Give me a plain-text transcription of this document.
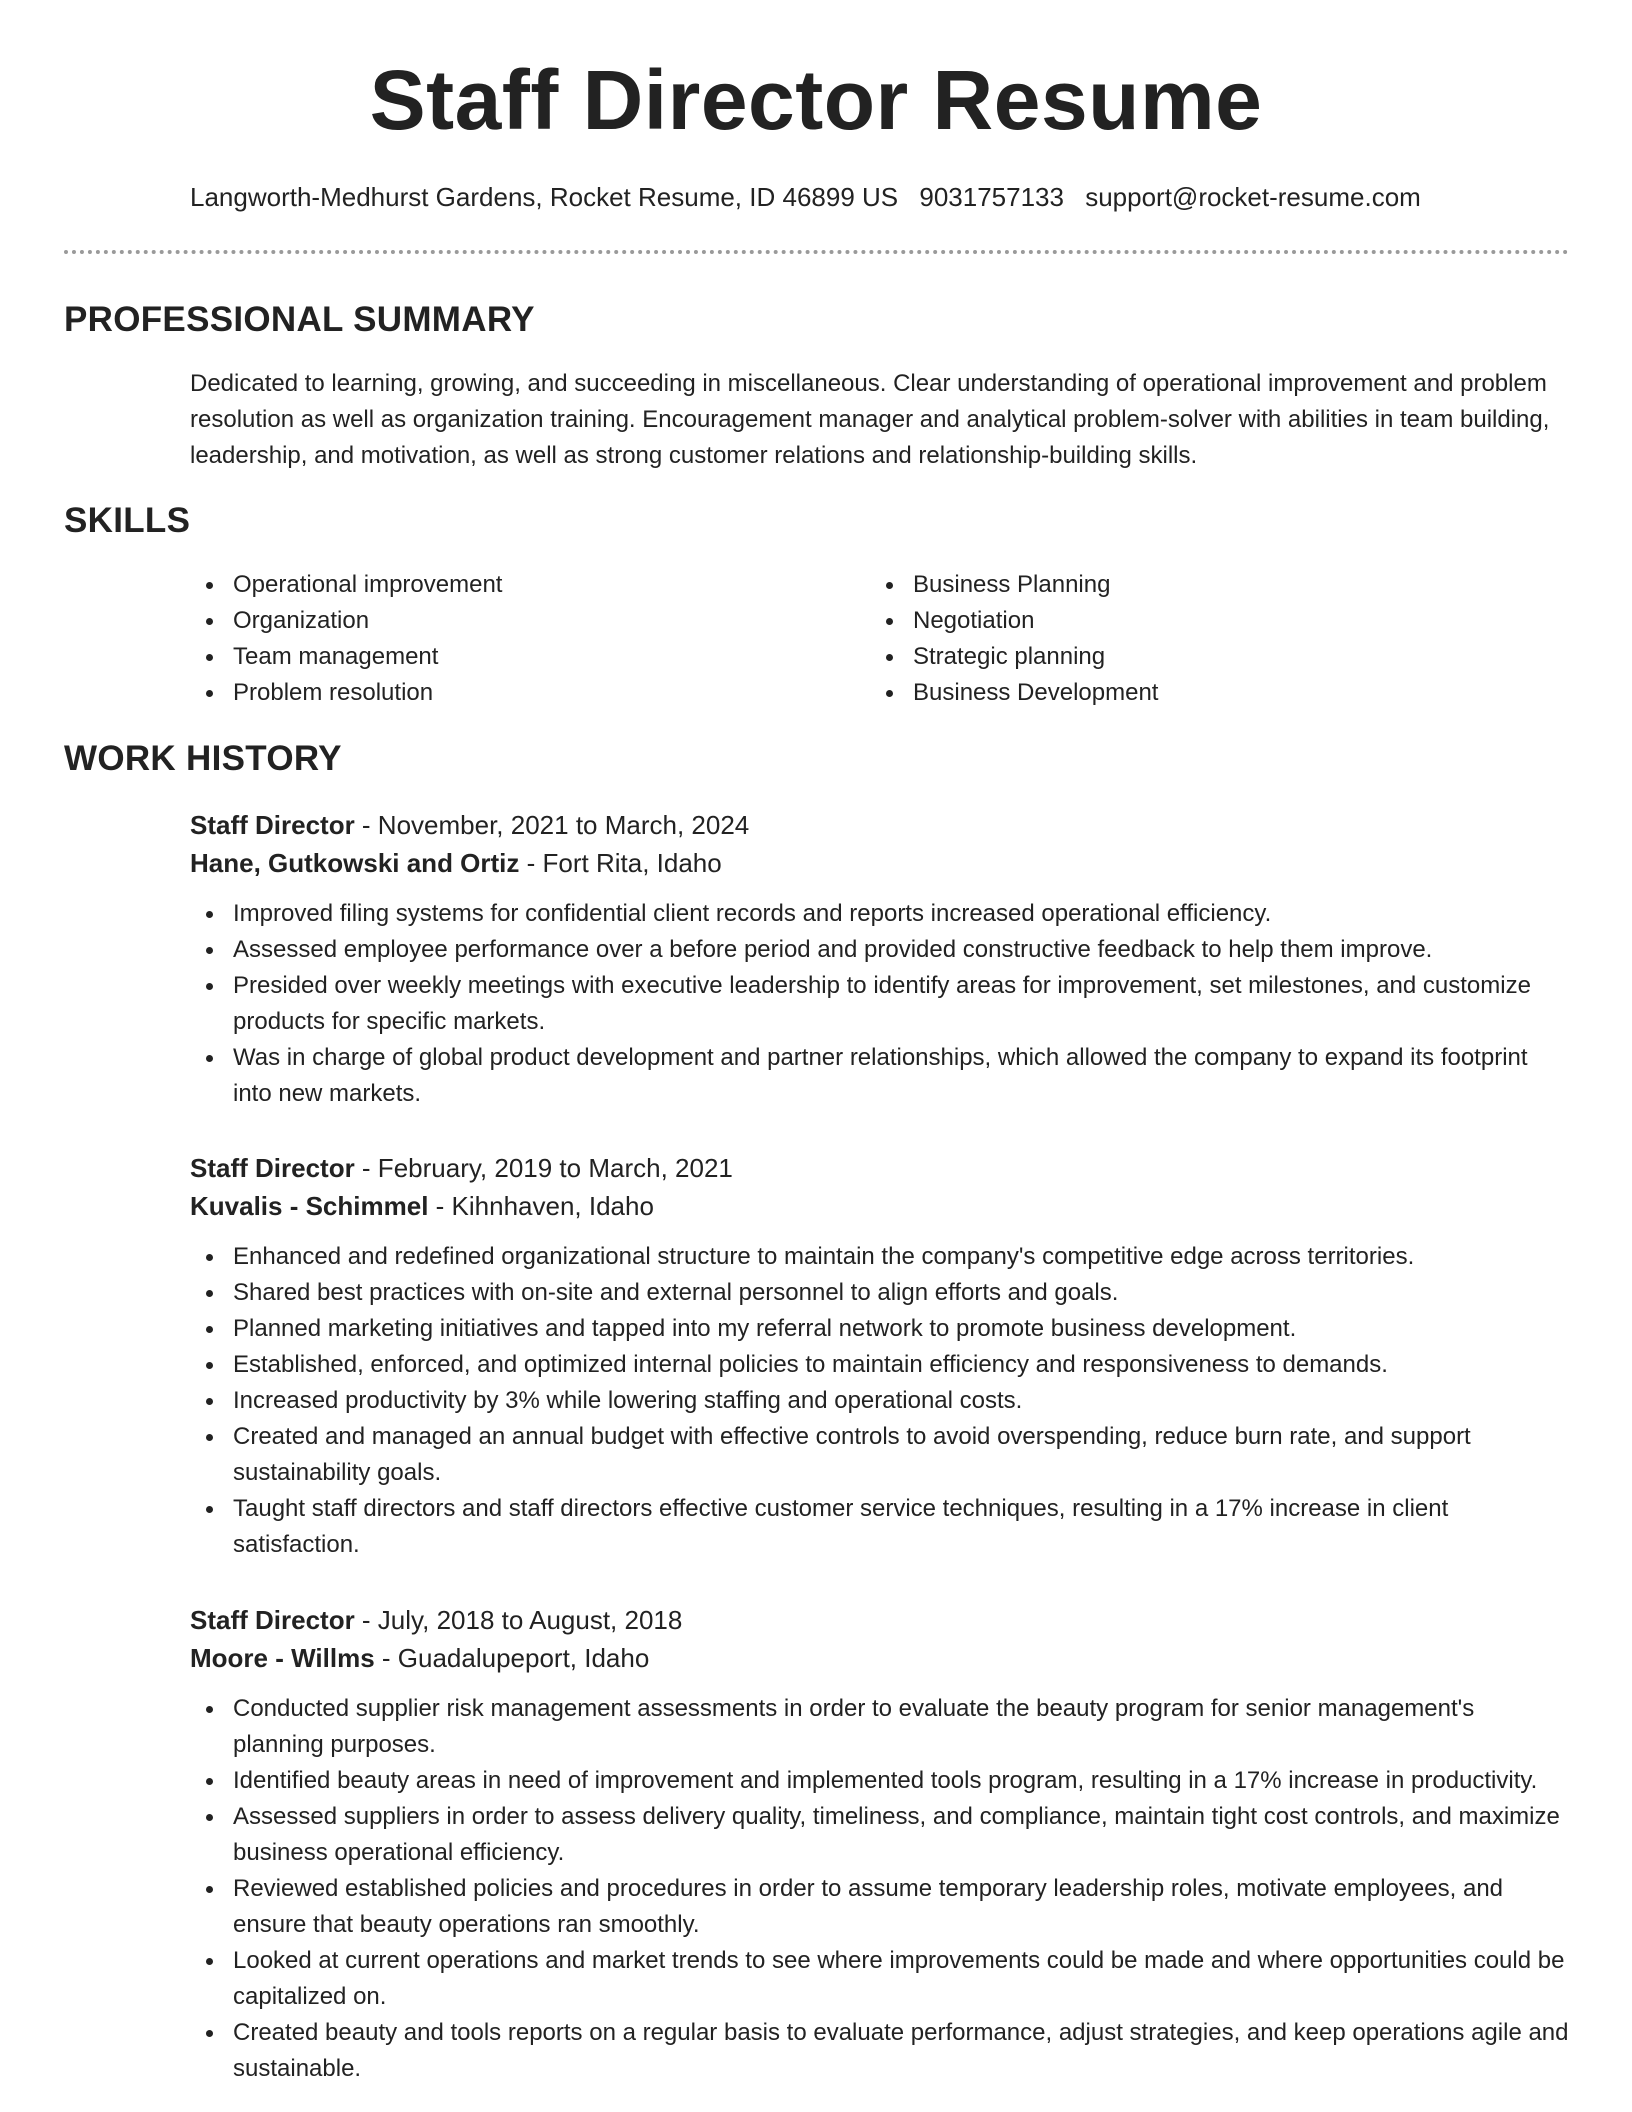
Staff Director Resume
Langworth-Medhurst Gardens, Rocket Resume, ID 46899 US 9031757133 support@rocket-resume.com
PROFESSIONAL SUMMARY

Dedicated to learning, growing, and succeeding in miscellaneous. Clear understanding of operational improvement and problem resolution as well as organization training. Encouragement manager and analytical problem-solver with abilities in team building, leadership, and motivation, as well as strong customer relations and relationship-building skills.

SKILLS
Operational improvement
Organization
Team management
Problem resolution
Business Planning
Negotiation
Strategic planning
Business Development
WORK HISTORY
Staff Director - November, 2021 to March, 2024
Hane, Gutkowski and Ortiz - Fort Rita, Idaho
Improved filing systems for confidential client records and reports increased operational efficiency.
Assessed employee performance over a before period and provided constructive feedback to help them improve.
Presided over weekly meetings with executive leadership to identify areas for improvement, set milestones, and customize products for specific markets.
Was in charge of global product development and partner relationships, which allowed the company to expand its footprint into new markets.
Staff Director - February, 2019 to March, 2021
Kuvalis - Schimmel - Kihnhaven, Idaho
Enhanced and redefined organizational structure to maintain the company's competitive edge across territories.
Shared best practices with on-site and external personnel to align efforts and goals.
Planned marketing initiatives and tapped into my referral network to promote business development.
Established, enforced, and optimized internal policies to maintain efficiency and responsiveness to demands.
Increased productivity by 3% while lowering staffing and operational costs.
Created and managed an annual budget with effective controls to avoid overspending, reduce burn rate, and support sustainability goals.
Taught staff directors and staff directors effective customer service techniques, resulting in a 17% increase in client satisfaction.
Staff Director - July, 2018 to August, 2018
Moore - Willms - Guadalupeport, Idaho
Conducted supplier risk management assessments in order to evaluate the beauty program for senior management's planning purposes.
Identified beauty areas in need of improvement and implemented tools program, resulting in a 17% increase in productivity.
Assessed suppliers in order to assess delivery quality, timeliness, and compliance, maintain tight cost controls, and maximize business operational efficiency.
Reviewed established policies and procedures in order to assume temporary leadership roles, motivate employees, and ensure that beauty operations ran smoothly.
Looked at current operations and market trends to see where improvements could be made and where opportunities could be capitalized on.
Created beauty and tools reports on a regular basis to evaluate performance, adjust strategies, and keep operations agile and sustainable.
